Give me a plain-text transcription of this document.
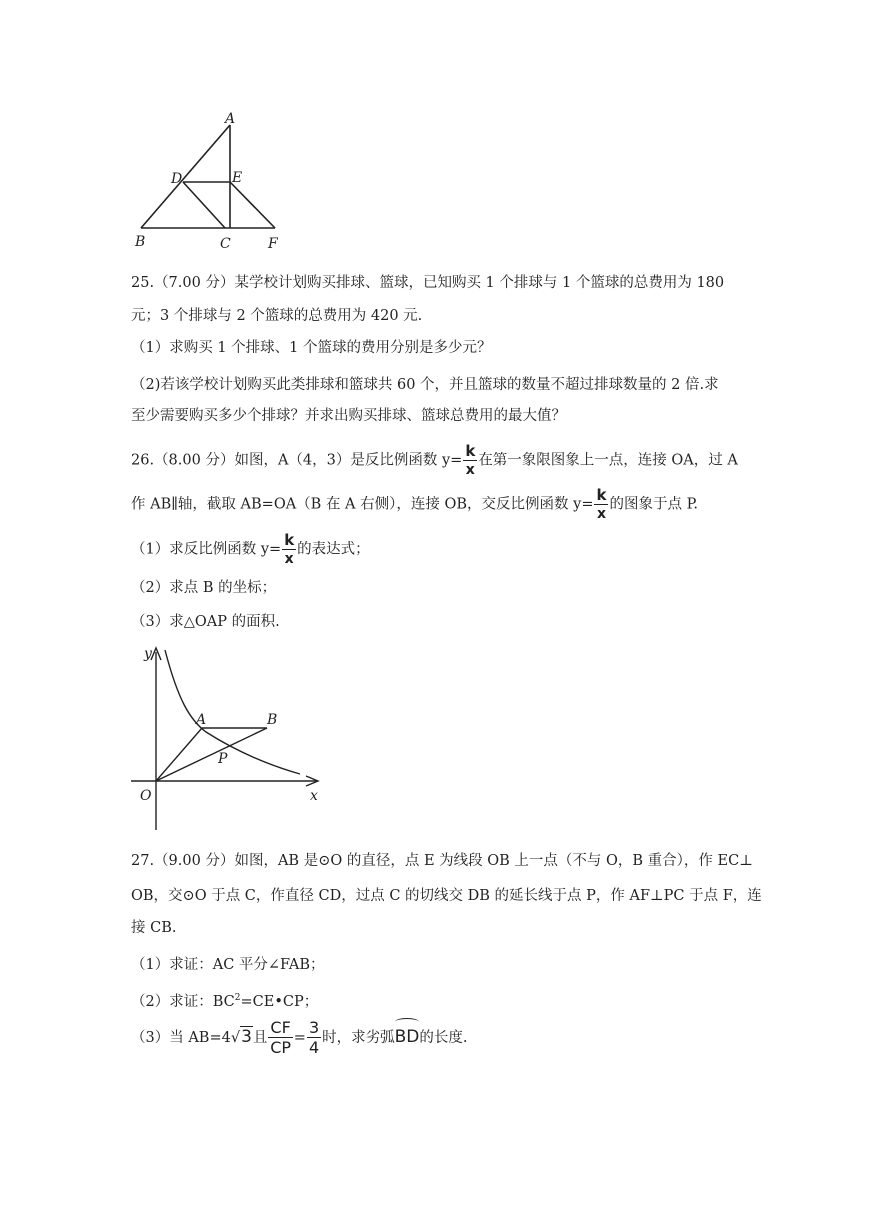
A
D	E
B	C	F
25.（7.00 分）某学校计划购买排球、篮球，已知购买 1 个排球与 1 个篮球的总费用为 180
元；3 个排球与 2 个篮球的总费用为 420 元.
（1）求购买 1 个排球、1 个篮球的费用分别是多少元？
（2)若该学校计划购买此类排球和篮球共 60 个，并且篮球的数量不超过排球数量的 2 倍.求
至少需要购买多少个排球？并求出购买排球、篮球总费用的最大值？
26.（8.00 分）如图，A（4，3）是反比例函数 $y= \frac{k}{x}$ 在第一象限图象上一点，连接 OA，过 A
作 AB∥轴，截取 AB=OA（B 在 A 右侧），连接 OB，交反比例函数 $y= \frac{k}{x}$ 的图象于点 P.
（1）求反比例函数 $y= \frac{k}{x}$ 的表达式；
（2）求点 B 的坐标；
（3）求△OAP 的面积.
y
x
O
A	B
P
27.（9.00 分）如图，AB 是⊙O 的直径，点 E 为线段 OB 上一点（不与 O，B 重合），作 EC⊥
OB，交⊙O 于点 C，作直径 CD，过点 C 的切线交 DB 的延长线于点 P，作 AF⊥PC 于点 F，连
接 CB.
（1）求证：AC 平分∠FAB；
（2）求证：$BC^2=CE•CP$；
（3）当 AB=4√3且 $\frac{CF}{CP} = \frac{3}{4}$ 时，求劣弧BD的长度.
